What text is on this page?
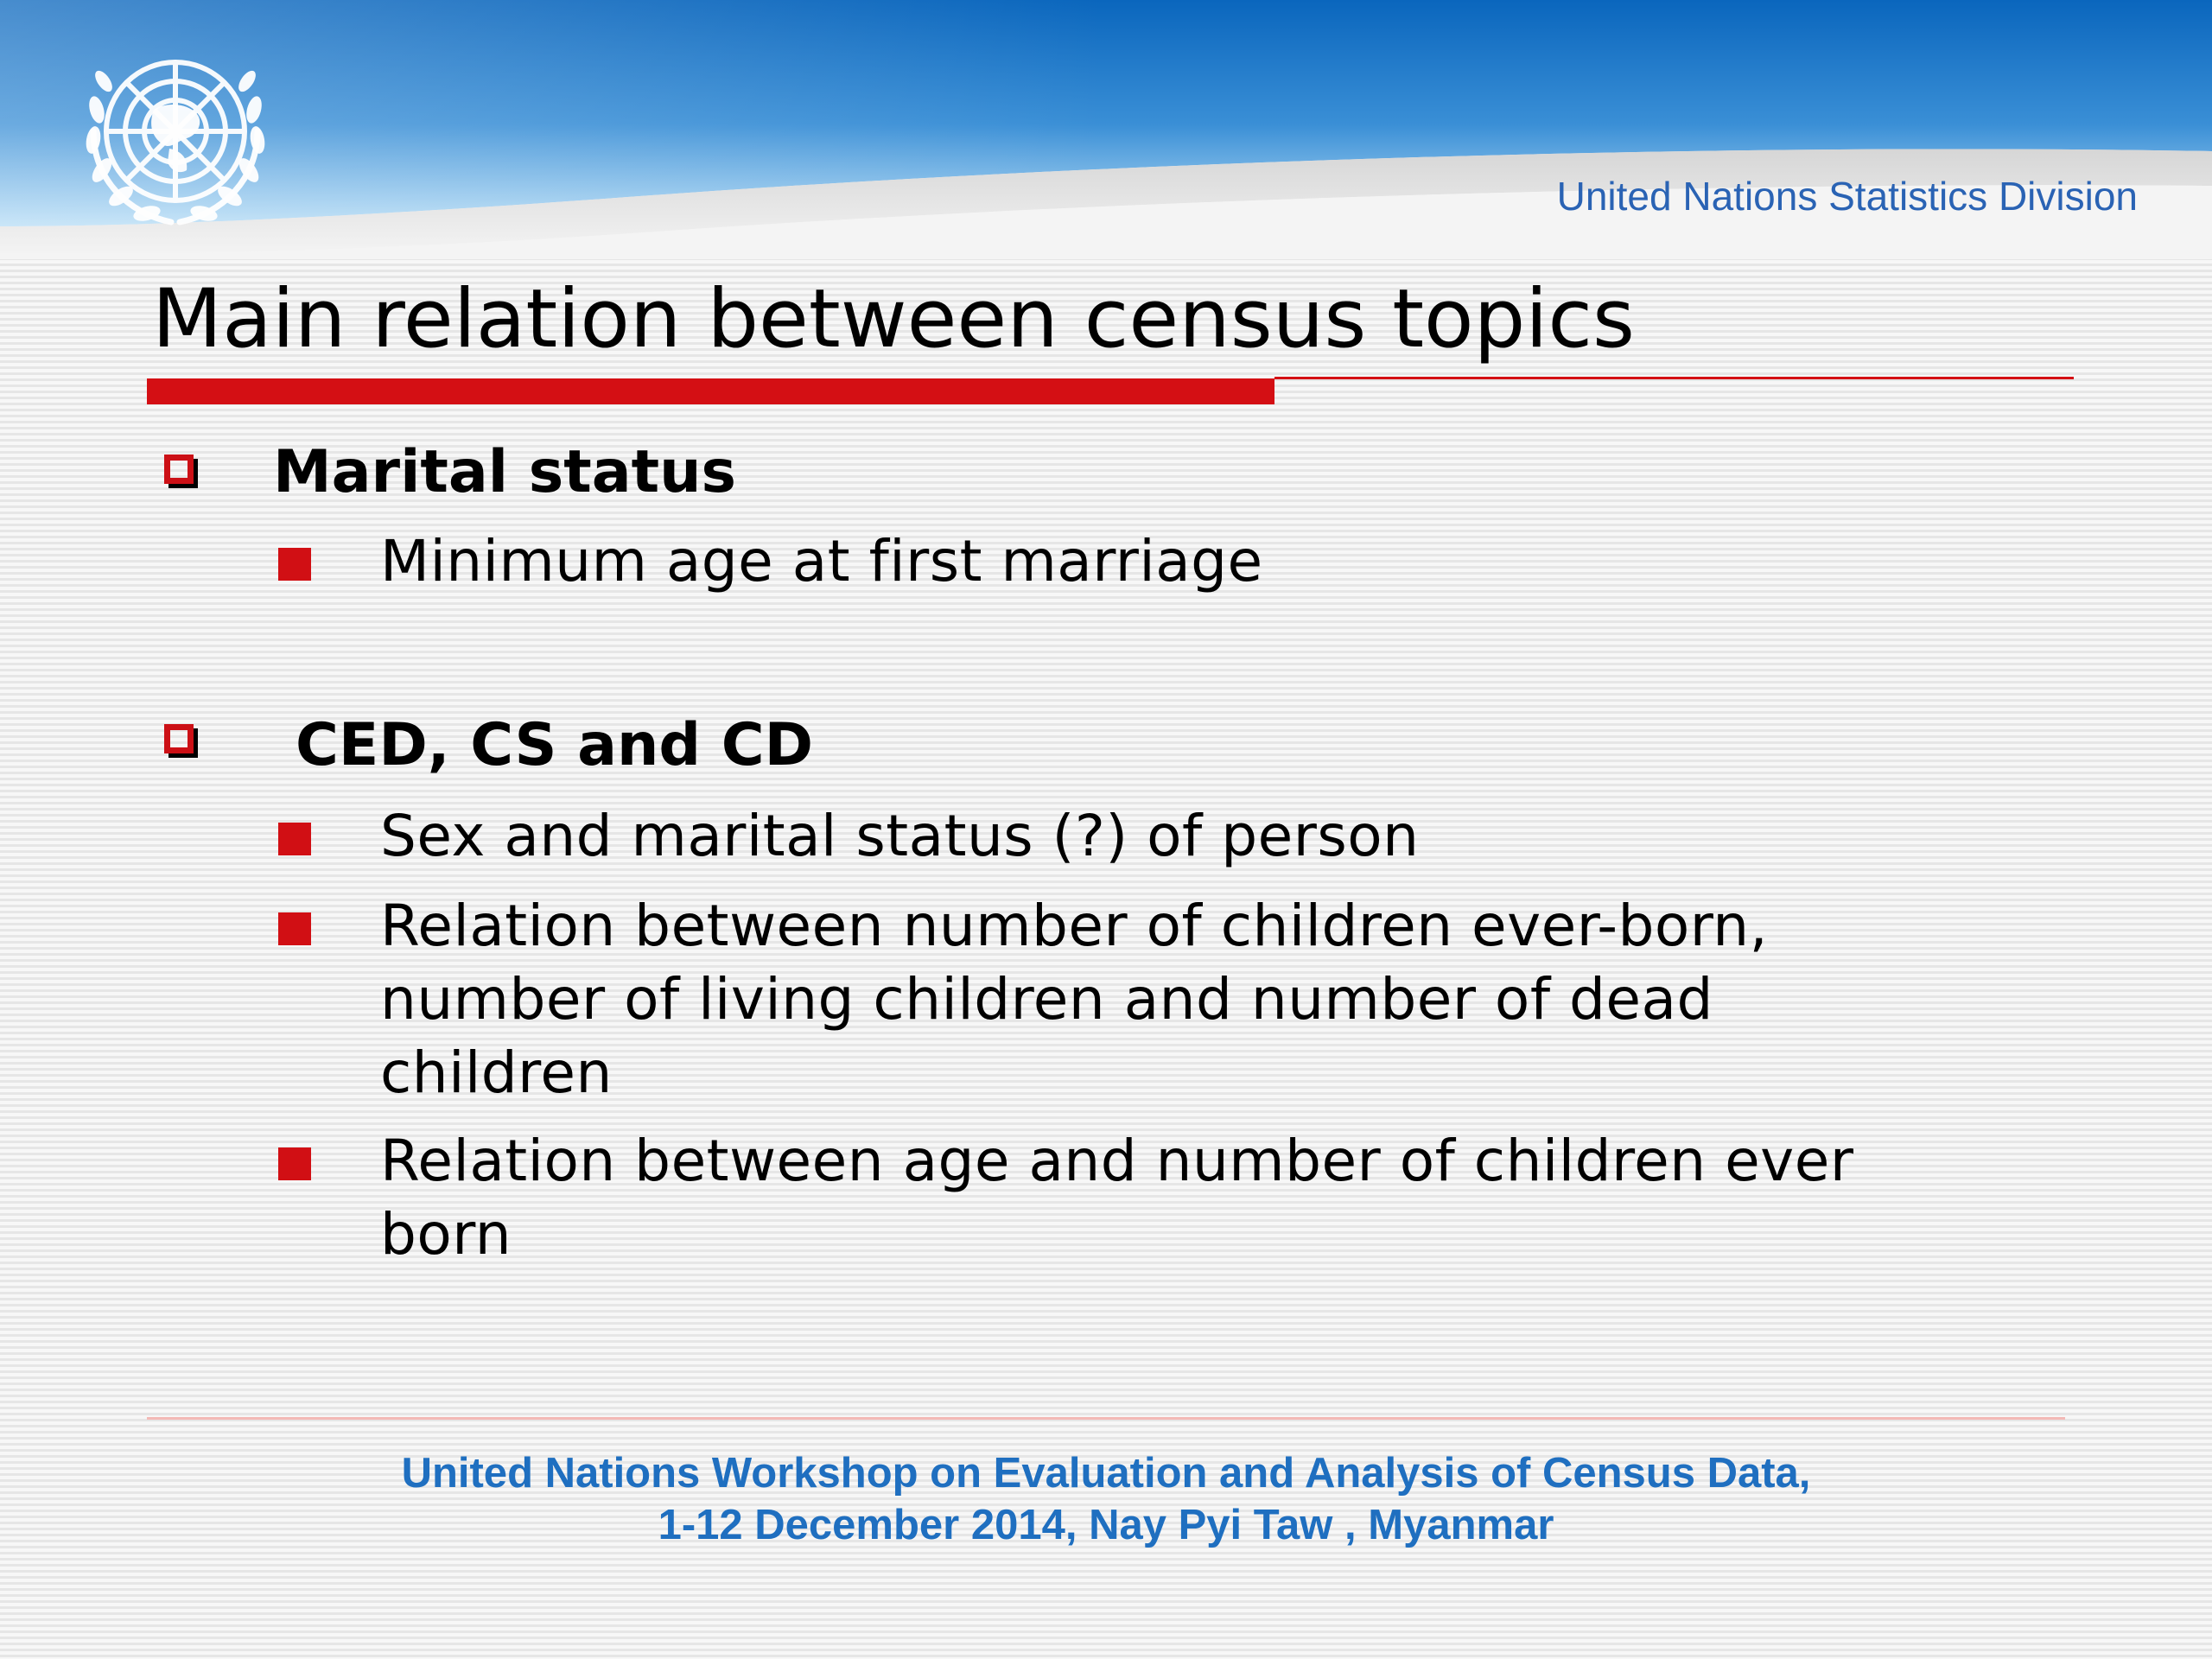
United Nations Statistics Division
Main relation between census topics
Marital status
Minimum age at first marriage
CED, CS and CD
Sex and marital status (?) of person
Relation between number of children ever-born,
number of living children and number of dead
children
Relation between age and number of children ever
born
United Nations Workshop on Evaluation and Analysis of Census Data,
1-12 December 2014, Nay Pyi Taw , Myanmar
